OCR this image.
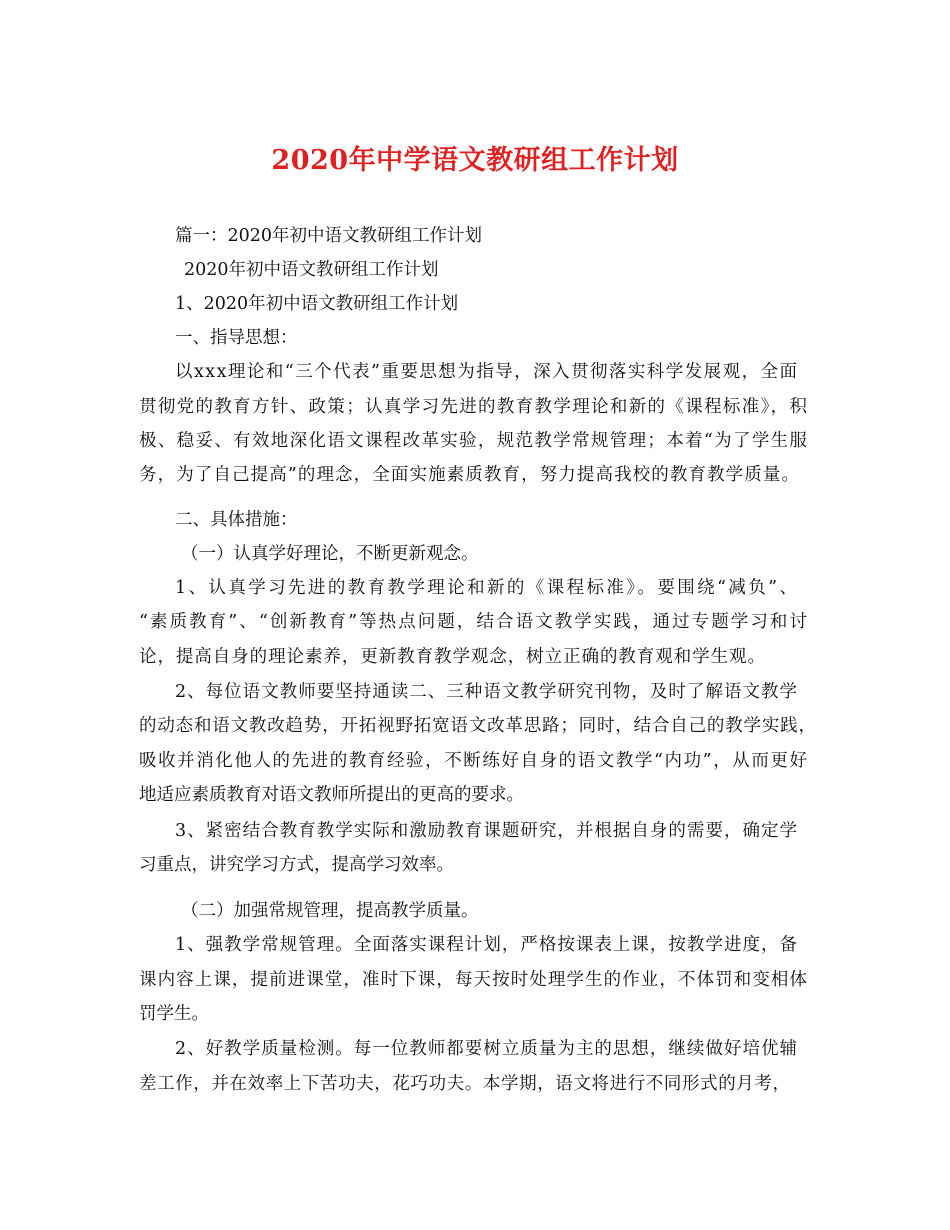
2020年中学语文教研组工作计划
篇一：2020年初中语文教研组工作计划
2020年初中语文教研组工作计划
1、2020年初中语文教研组工作计划
一、指导思想：
以xxx理论和“三个代表”重要思想为指导，深入贯彻落实科学发展观，全面
贯彻党的教育方针、政策；认真学习先进的教育教学理论和新的《课程标准》，积
极、稳妥、有效地深化语文课程改革实验，规范教学常规管理；本着“为了学生服
务，为了自己提高”的理念，全面实施素质教育，努力提高我校的教育教学质量。
二、具体措施：
（一）认真学好理论，不断更新观念。
1、认真学习先进的教育教学理论和新的《课程标准》。要围绕“减负”、
“素质教育”、“创新教育”等热点问题，结合语文教学实践，通过专题学习和讨
论，提高自身的理论素养，更新教育教学观念，树立正确的教育观和学生观。
2、每位语文教师要坚持通读二、三种语文教学研究刊物，及时了解语文教学
的动态和语文教改趋势，开拓视野拓宽语文改革思路；同时，结合自己的教学实践，
吸收并消化他人的先进的教育经验，不断练好自身的语文教学“内功”，从而更好
地适应素质教育对语文教师所提出的更高的要求。
3、紧密结合教育教学实际和激励教育课题研究，并根据自身的需要，确定学
习重点，讲究学习方式，提高学习效率。
（二）加强常规管理，提高教学质量。
1、强教学常规管理。全面落实课程计划，严格按课表上课，按教学进度，备
课内容上课，提前进课堂，准时下课，每天按时处理学生的作业，不体罚和变相体
罚学生。
2、好教学质量检测。每一位教师都要树立质量为主的思想，继续做好培优辅
差工作，并在效率上下苦功夫，花巧功夫。本学期，语文将进行不同形式的月考，
